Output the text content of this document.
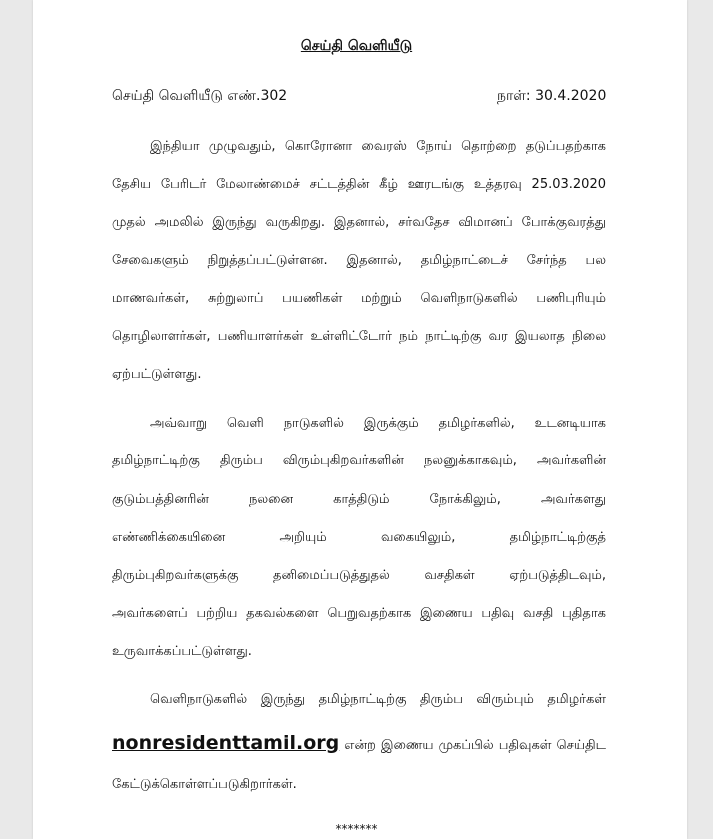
செய்தி வெளியீடு
செய்தி வெளியீடு எண்.302	நாள்: 30.4.2020
இந்தியா முழுவதும், கொரோனா வைரஸ் நோய் தொற்றை தடுப்பதற்காக
தேசிய பேரிடர் மேலாண்மைச் சட்டத்தின் கீழ் ஊரடங்கு உத்தரவு 25.03.2020
முதல் அமலில் இருந்து வருகிறது. இதனால், சர்வதேச விமானப் போக்குவரத்து
சேவைகளும் நிறுத்தப்பட்டுள்ளன. இதனால், தமிழ்நாட்டைச் சேர்ந்த பல
மாணவர்கள், சுற்றுலாப் பயணிகள் மற்றும் வெளிநாடுகளில் பணிபுரியும்
தொழிலாளர்கள், பணியாளர்கள் உள்ளிட்டோர் நம் நாட்டிற்கு வர இயலாத நிலை
ஏற்பட்டுள்ளது.
அவ்வாறு வெளி நாடுகளில் இருக்கும் தமிழர்களில், உடனடியாக
தமிழ்நாட்டிற்கு திரும்ப விரும்புகிறவர்களின் நலனுக்காகவும், அவர்களின்
குடும்பத்தினரின் நலனை காத்திடும் நோக்கிலும், அவர்களது
எண்ணிக்கையினை அறியும் வகையிலும், தமிழ்நாட்டிற்குத்
திரும்புகிறவர்களுக்கு தனிமைப்படுத்துதல் வசதிகள் ஏற்படுத்திடவும்,
அவர்களைப் பற்றிய தகவல்களை பெறுவதற்காக இணைய பதிவு வசதி புதிதாக
உருவாக்கப்பட்டுள்ளது.
வெளிநாடுகளில் இருந்து தமிழ்நாட்டிற்கு திரும்ப விரும்பும் தமிழர்கள்
nonresidenttamil.org என்ற இணைய முகப்பில் பதிவுகள் செய்திட
கேட்டுக்கொள்ளப்படுகிறார்கள்.
*******
